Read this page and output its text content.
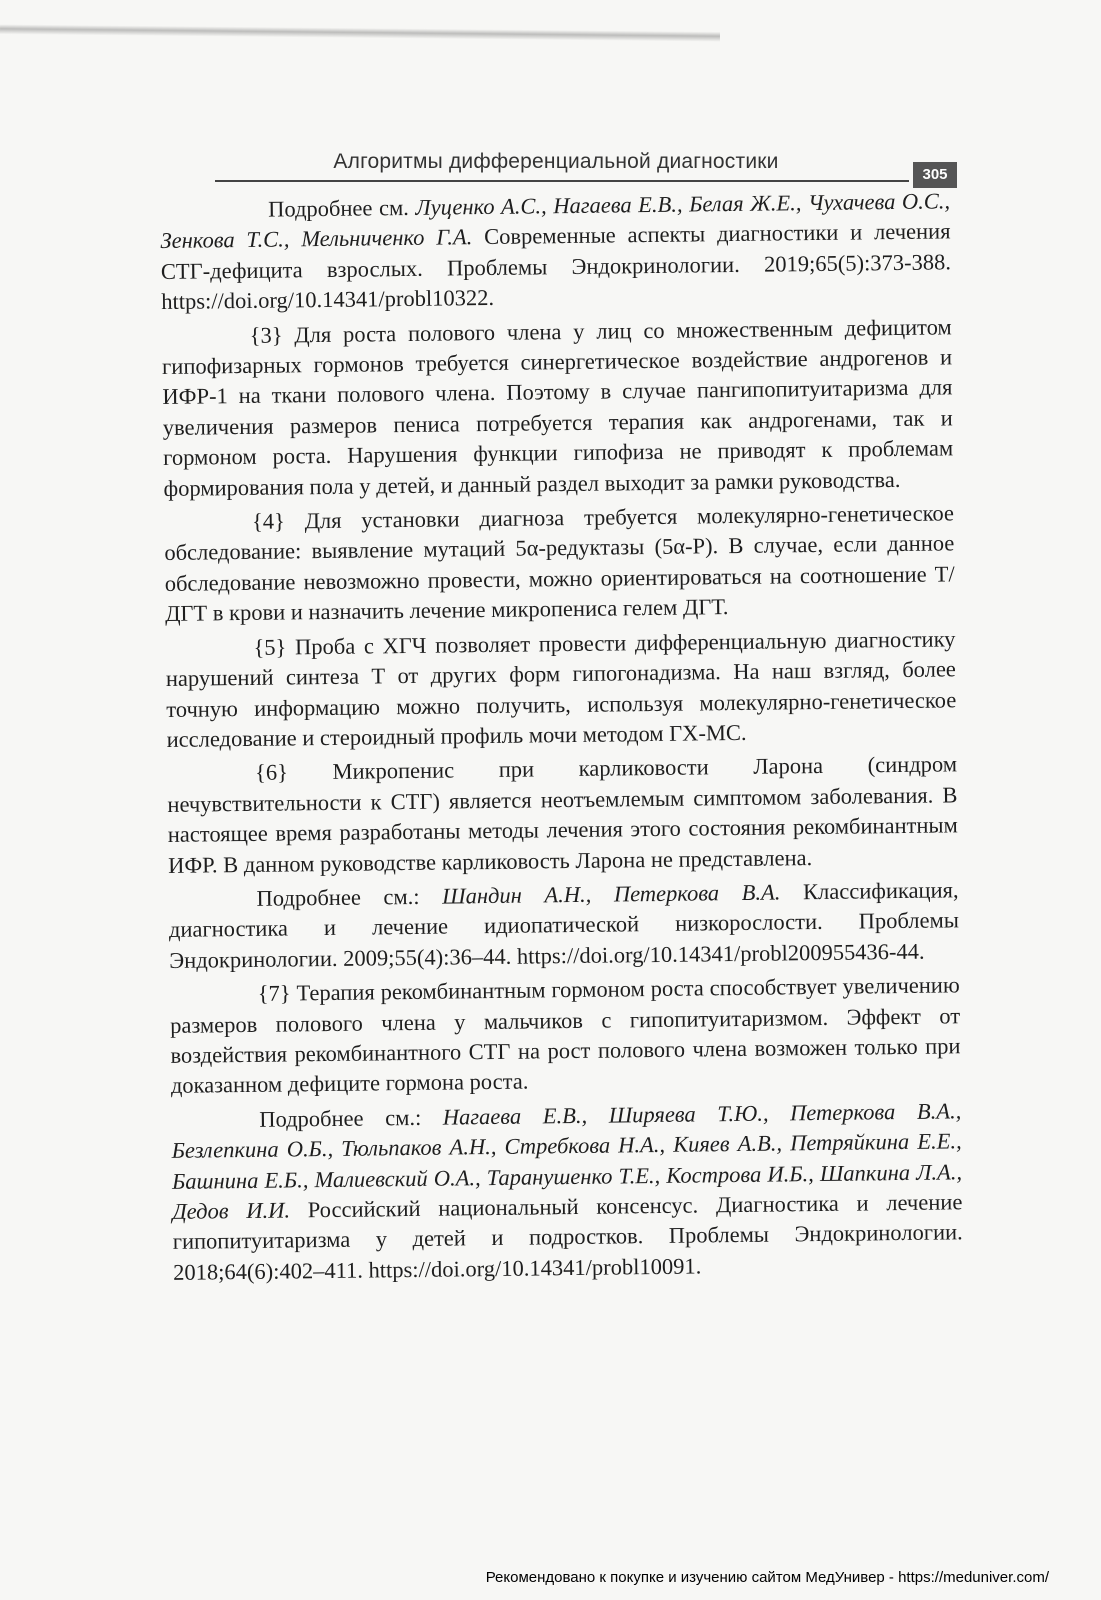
Алгоритмы дифференциальной диагностики
305

Подробнее см. Луценко А.С., Нагаева Е.В., Белая Ж.Е., Чухачева О.С., Зенкова Т.С., Мельниченко Г.А. Современные аспекты диагностики и лечения СТГ-дефицита взрослых. Проблемы Эндокринологии. 2019;65(5):373-388. https://doi.org/10.14341/probl10322.

{3} Для роста полового члена у лиц со множественным дефицитом гипофизарных гормонов требуется синергетическое воздействие андрогенов и ИФР-1 на ткани полового члена. Поэтому в случае пангипопитуитаризма для увеличения размеров пениса потребуется терапия как андрогенами, так и гормоном роста. Нарушения функции гипофиза не приводят к проблемам формирования пола у детей, и данный раздел выходит за рамки руководства.

{4} Для установки диагноза требуется молекулярно-генетическое обследование: выявление мутаций 5α-редуктазы (5α-Р). В случае, если данное обследование невозможно провести, можно ориентироваться на соотношение Т/ДГТ в крови и назначить лечение микропениса гелем ДГТ.

{5} Проба с ХГЧ позволяет провести дифференциальную диагностику нарушений синтеза Т от других форм гипогонадизма. На наш взгляд, более точную информацию можно получить, используя молекулярно-генетическое исследование и стероидный профиль мочи методом ГХ-МС.

{6} Микропенис при карликовости Ларона (синдром нечувствительности к СТГ) является неотъемлемым симптомом заболевания. В настоящее время разработаны методы лечения этого состояния рекомбинантным ИФР. В данном руководстве карликовость Ларона не представлена.

Подробнее см.: Шандин А.Н., Петеркова В.А. Классификация, диагностика и лечение идиопатической низкорослости. Проблемы Эндокринологии. 2009;55(4):36–44. https://doi.org/10.14341/probl200955436-44.

{7} Терапия рекомбинантным гормоном роста способствует увеличению размеров полового члена у мальчиков с гипопитуитаризмом. Эффект от воздействия рекомбинантного СТГ на рост полового члена возможен только при доказанном дефиците гормона роста.

Подробнее см.: Нагаева Е.В., Ширяева Т.Ю., Петеркова В.А., Безлепкина О.Б., Тюльпаков А.Н., Стребкова Н.А., Кияев А.В., Петряйкина Е.Е., Башнина Е.Б., Малиевский О.А., Таранушенко Т.Е., Кострова И.Б., Шапкина Л.А., Дедов И.И. Российский национальный консенсус. Диагностика и лечение гипопитуитаризма у детей и подростков. Проблемы Эндокринологии. 2018;64(6):402–411. https://doi.org/10.14341/probl10091.

Рекомендовано к покупке и изучению сайтом МедУнивер - https://meduniver.com/
